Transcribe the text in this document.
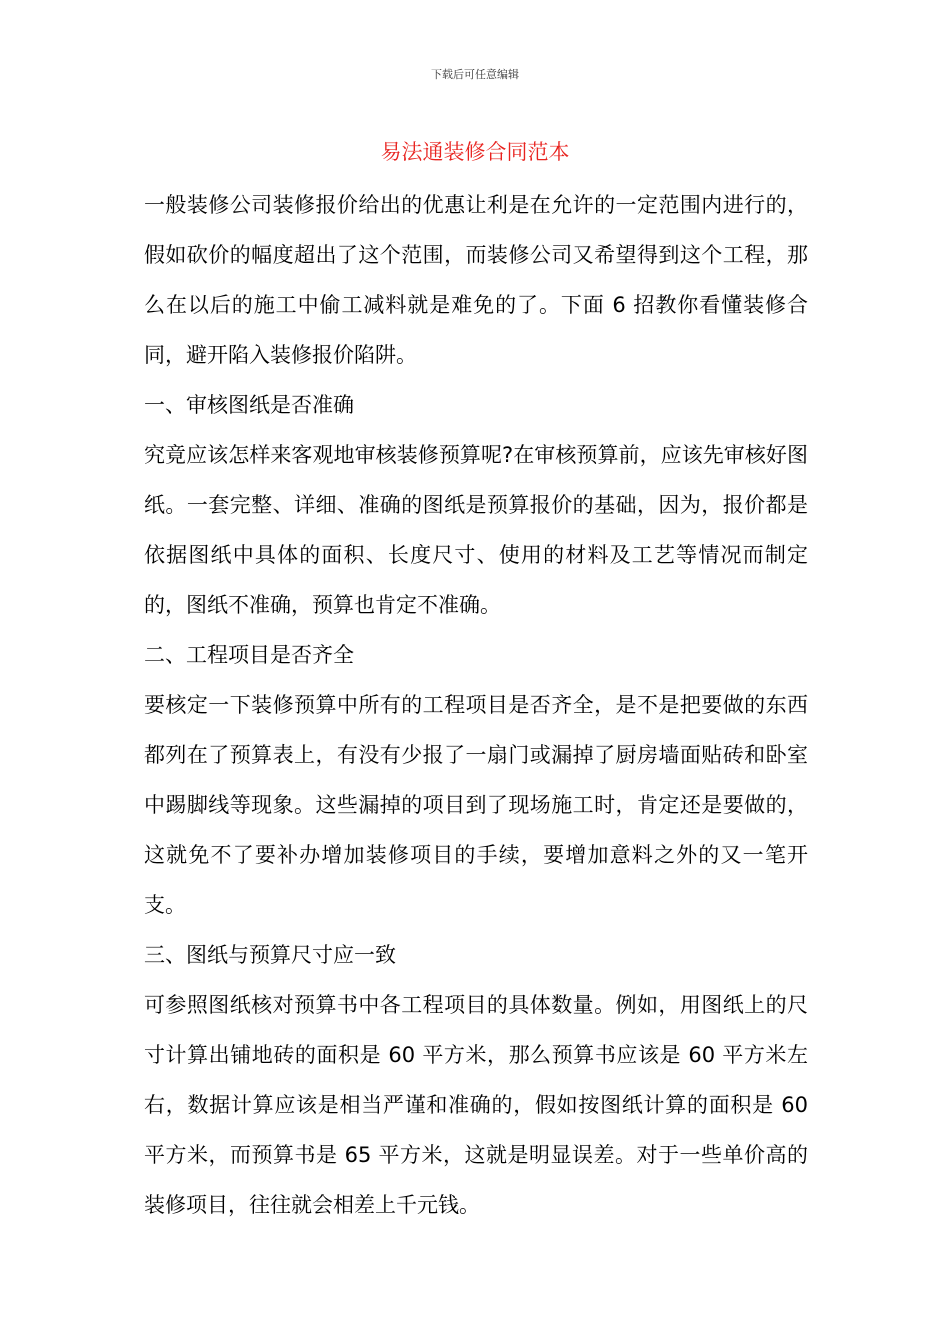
下载后可任意编辑
易法通装修合同范本

一般装修公司装修报价给出的优惠让利是在允许的一定范围内进行的，假如砍价的幅度超出了这个范围，而装修公司又希望得到这个工程，那么在以后的施工中偷工减料就是难免的了。下面 6 招教你看懂装修合同，避开陷入装修报价陷阱。

一、审核图纸是否准确

究竟应该怎样来客观地审核装修预算呢?在审核预算前，应该先审核好图纸。一套完整、详细、准确的图纸是预算报价的基础，因为，报价都是依据图纸中具体的面积、长度尺寸、使用的材料及工艺等情况而制定的，图纸不准确，预算也肯定不准确。

二、工程项目是否齐全

要核定一下装修预算中所有的工程项目是否齐全，是不是把要做的东西都列在了预算表上，有没有少报了一扇门或漏掉了厨房墙面贴砖和卧室中踢脚线等现象。这些漏掉的项目到了现场施工时，肯定还是要做的，这就免不了要补办增加装修项目的手续，要增加意料之外的又一笔开支。

三、图纸与预算尺寸应一致

可参照图纸核对预算书中各工程项目的具体数量。例如，用图纸上的尺寸计算出铺地砖的面积是 60 平方米，那么预算书应该是 60 平方米左右，数据计算应该是相当严谨和准确的，假如按图纸计算的面积是 60 平方米，而预算书是 65 平方米，这就是明显误差。对于一些单价高的装修项目，往往就会相差上千元钱。
